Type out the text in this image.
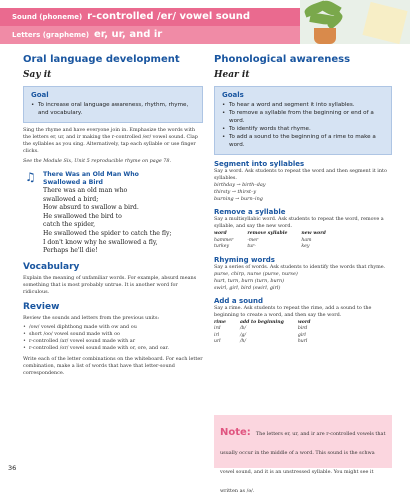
Sound (phoneme) r-controlled /er/ vowel sound
Letters (grapheme) er, ur, and ir
Oral language development
Say it
Goal
• To increase oral language awareness, rhythm, rhyme, and vocabulary.

Sing the rhyme and have everyone join in. Emphasize the words with the letters er, ur, and ir making the r-controlled /er/ vowel sound. Clap the syllables as you sing. Alternatively, tap each syllable or use finger clicks.

See the Module Six, Unit 5 reproducible rhyme on page 78.

♫ There Was an Old Man Who
Swallowed a Bird
There was an old man who
swallowed a bird;
How absurd to swallow a bird.
He swallowed the bird to
catch the spider,
He swallowed the spider to catch the fly;
I don't know why he swallowed a fly,
Perhaps he'll die!
Vocabulary

Explain the meaning of unfamiliar words. For example, absurd means something that is most probably untrue. It is another word for ridiculous.

Review

Review the sounds and letters from the previous units:

• /ow/ vowel diphthong made with ow and ou
• short /oo/ vowel sound made with oo
• r-controlled /ar/ vowel sound made with ar
• r-controlled /or/ vowel sound made with or, ore, and oar.

Write each of the letter combinations on the whiteboard. For each letter combination, make a list of words that have that letter-sound correspondence.

Phonological awareness
Hear it
Goals
• To hear a word and segment it into syllables.
• To remove a syllable from the beginning or end of a word.
• To identify words that rhyme.
• To add a sound to the beginning of a rime to make a word.
Segment into syllables

Say a word. Ask students to repeat the word and then segment it into syllables.

birthday → birth–day
thirsty → thirst–y
burning → burn–ing
Remove a syllable

Say a multisyllabic word. Ask students to repeat the word, remove a syllable, and say the new word.

word	remove syllable	new word
hammer	-mer	ham
turkey	tur-	key
Rhyming words

Say a series of words. Ask students to identify the words that rhyme.

purse, chirp, nurse (purse, nurse)
hurt, turn, burn (turn, burn)
swirl, girl, bird (swirl, girl)
Add a sound

Say a rime. Ask students to repeat the rime, add a sound to the beginning to create a word, and then say the word.

rime	add to beginning	word
ird	/b/	bird
irl	/g/	girl
url	/h/	hurl
Note: The letters er, ur, and ir are r-controlled vowels that usually occur in the middle of a word. This sound is the schwa vowel sound, and it is an unstressed syllable. You might see it written as /ə/.
36
